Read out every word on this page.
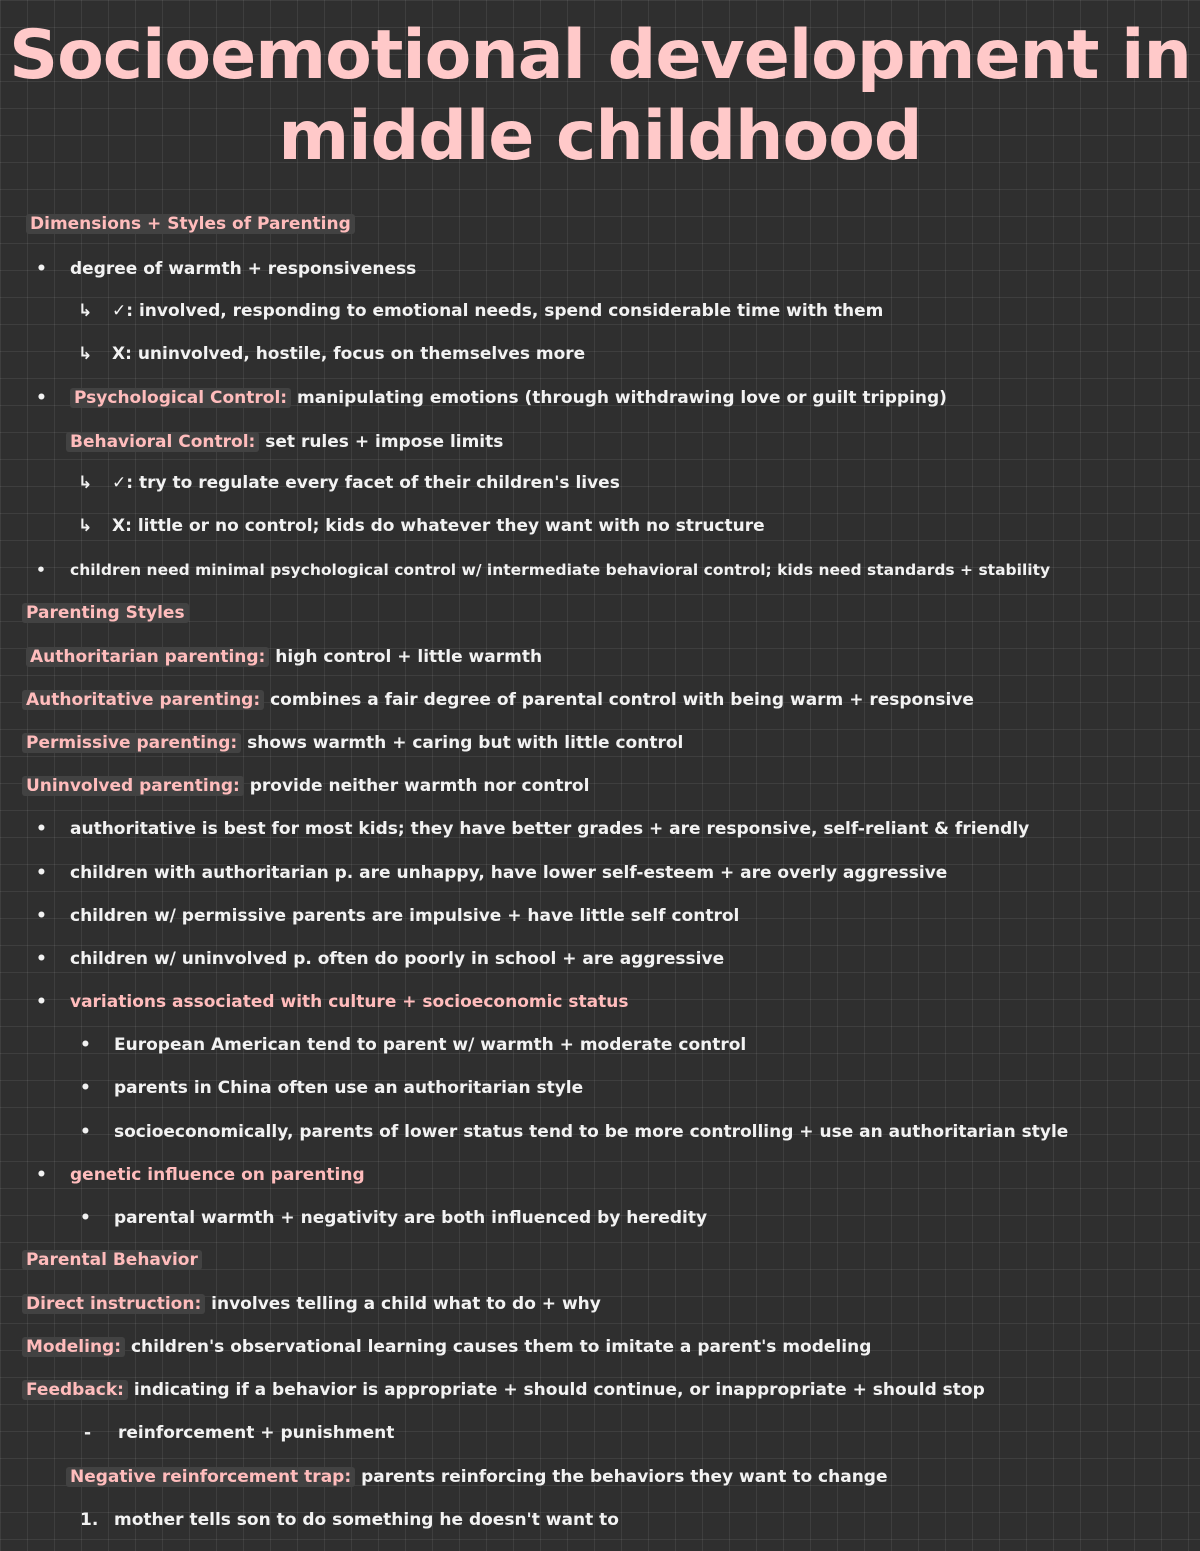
Socioemotional development in
middle childhood
Dimensions + Styles of Parenting
• degree of warmth + responsiveness
↳ ✓: involved, responding to emotional needs, spend considerable time with them
↳ X: uninvolved, hostile, focus on themselves more
• Psychological Control: manipulating emotions (through withdrawing love or guilt tripping)
Behavioral Control: set rules + impose limits
↳ ✓: try to regulate every facet of their children's lives
↳ X: little or no control; kids do whatever they want with no structure
• children need minimal psychological control w/ intermediate behavioral control; kids need standards + stability
Parenting Styles
Authoritarian parenting: high control + little warmth
Authoritative parenting: combines a fair degree of parental control with being warm + responsive
Permissive parenting: shows warmth + caring but with little control
Uninvolved parenting: provide neither warmth nor control
• authoritative is best for most kids; they have better grades + are responsive, self-reliant & friendly
• children with authoritarian p. are unhappy, have lower self-esteem + are overly aggressive
• children w/ permissive parents are impulsive + have little self control
• children w/ uninvolved p. often do poorly in school + are aggressive
• variations associated with culture + socioeconomic status
• European American tend to parent w/ warmth + moderate control
• parents in China often use an authoritarian style
• socioeconomically, parents of lower status tend to be more controlling + use an authoritarian style
• genetic influence on parenting
• parental warmth + negativity are both influenced by heredity
Parental Behavior
Direct instruction: involves telling a child what to do + why
Modeling: children's observational learning causes them to imitate a parent's modeling
Feedback: indicating if a behavior is appropriate + should continue, or inappropriate + should stop
- reinforcement + punishment
Negative reinforcement trap: parents reinforcing the behaviors they want to change
1. mother tells son to do something he doesn't want to
